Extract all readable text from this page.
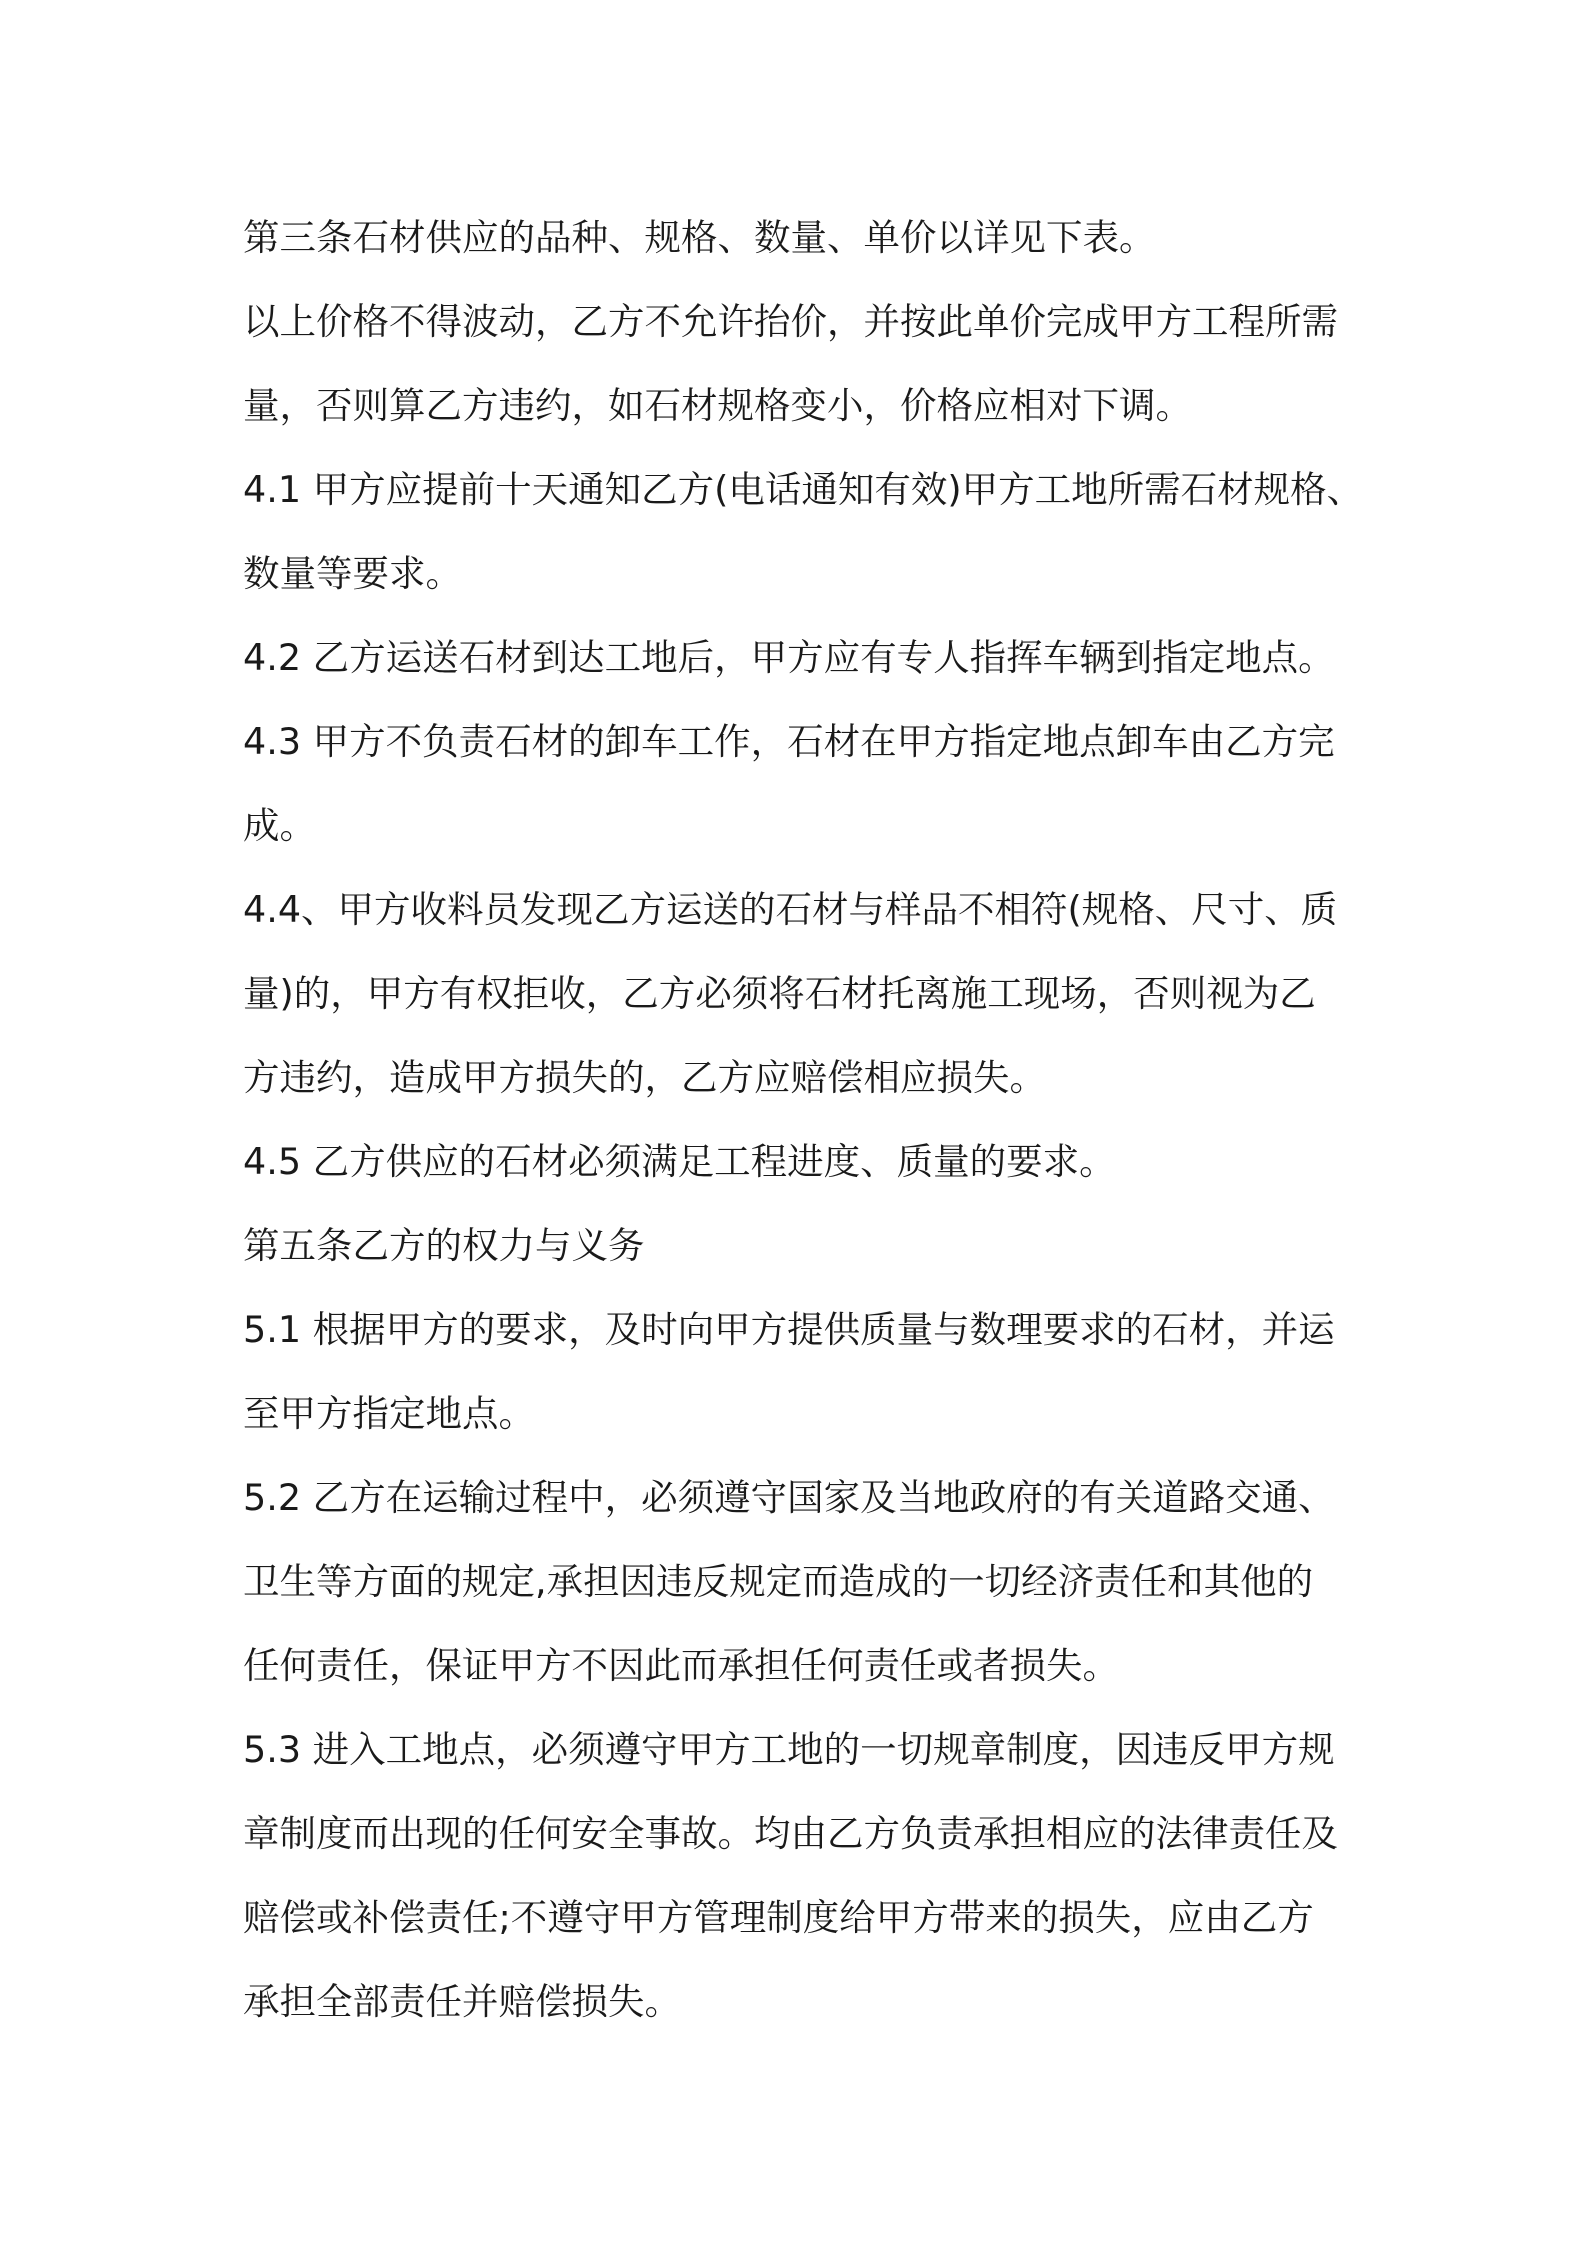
第三条石材供应的品种、规格、数量、单价以详见下表。
以上价格不得波动，乙方不允许抬价，并按此单价完成甲方工程所需
量，否则算乙方违约，如石材规格变小，价格应相对下调。
4.1 甲方应提前十天通知乙方(电话通知有效)甲方工地所需石材规格、
数量等要求。
4.2 乙方运送石材到达工地后，甲方应有专人指挥车辆到指定地点。
4.3 甲方不负责石材的卸车工作，石材在甲方指定地点卸车由乙方完
成。
4.4、甲方收料员发现乙方运送的石材与样品不相符(规格、尺寸、质
量)的，甲方有权拒收，乙方必须将石材托离施工现场，否则视为乙
方违约，造成甲方损失的，乙方应赔偿相应损失。
4.5 乙方供应的石材必须满足工程进度、质量的要求。
第五条乙方的权力与义务
5.1 根据甲方的要求，及时向甲方提供质量与数理要求的石材，并运
至甲方指定地点。
5.2 乙方在运输过程中，必须遵守国家及当地政府的有关道路交通、
卫生等方面的规定,承担因违反规定而造成的一切经济责任和其他的
任何责任，保证甲方不因此而承担任何责任或者损失。
5.3 进入工地点，必须遵守甲方工地的一切规章制度，因违反甲方规
章制度而出现的任何安全事故。均由乙方负责承担相应的法律责任及
赔偿或补偿责任;不遵守甲方管理制度给甲方带来的损失，应由乙方
承担全部责任并赔偿损失。
